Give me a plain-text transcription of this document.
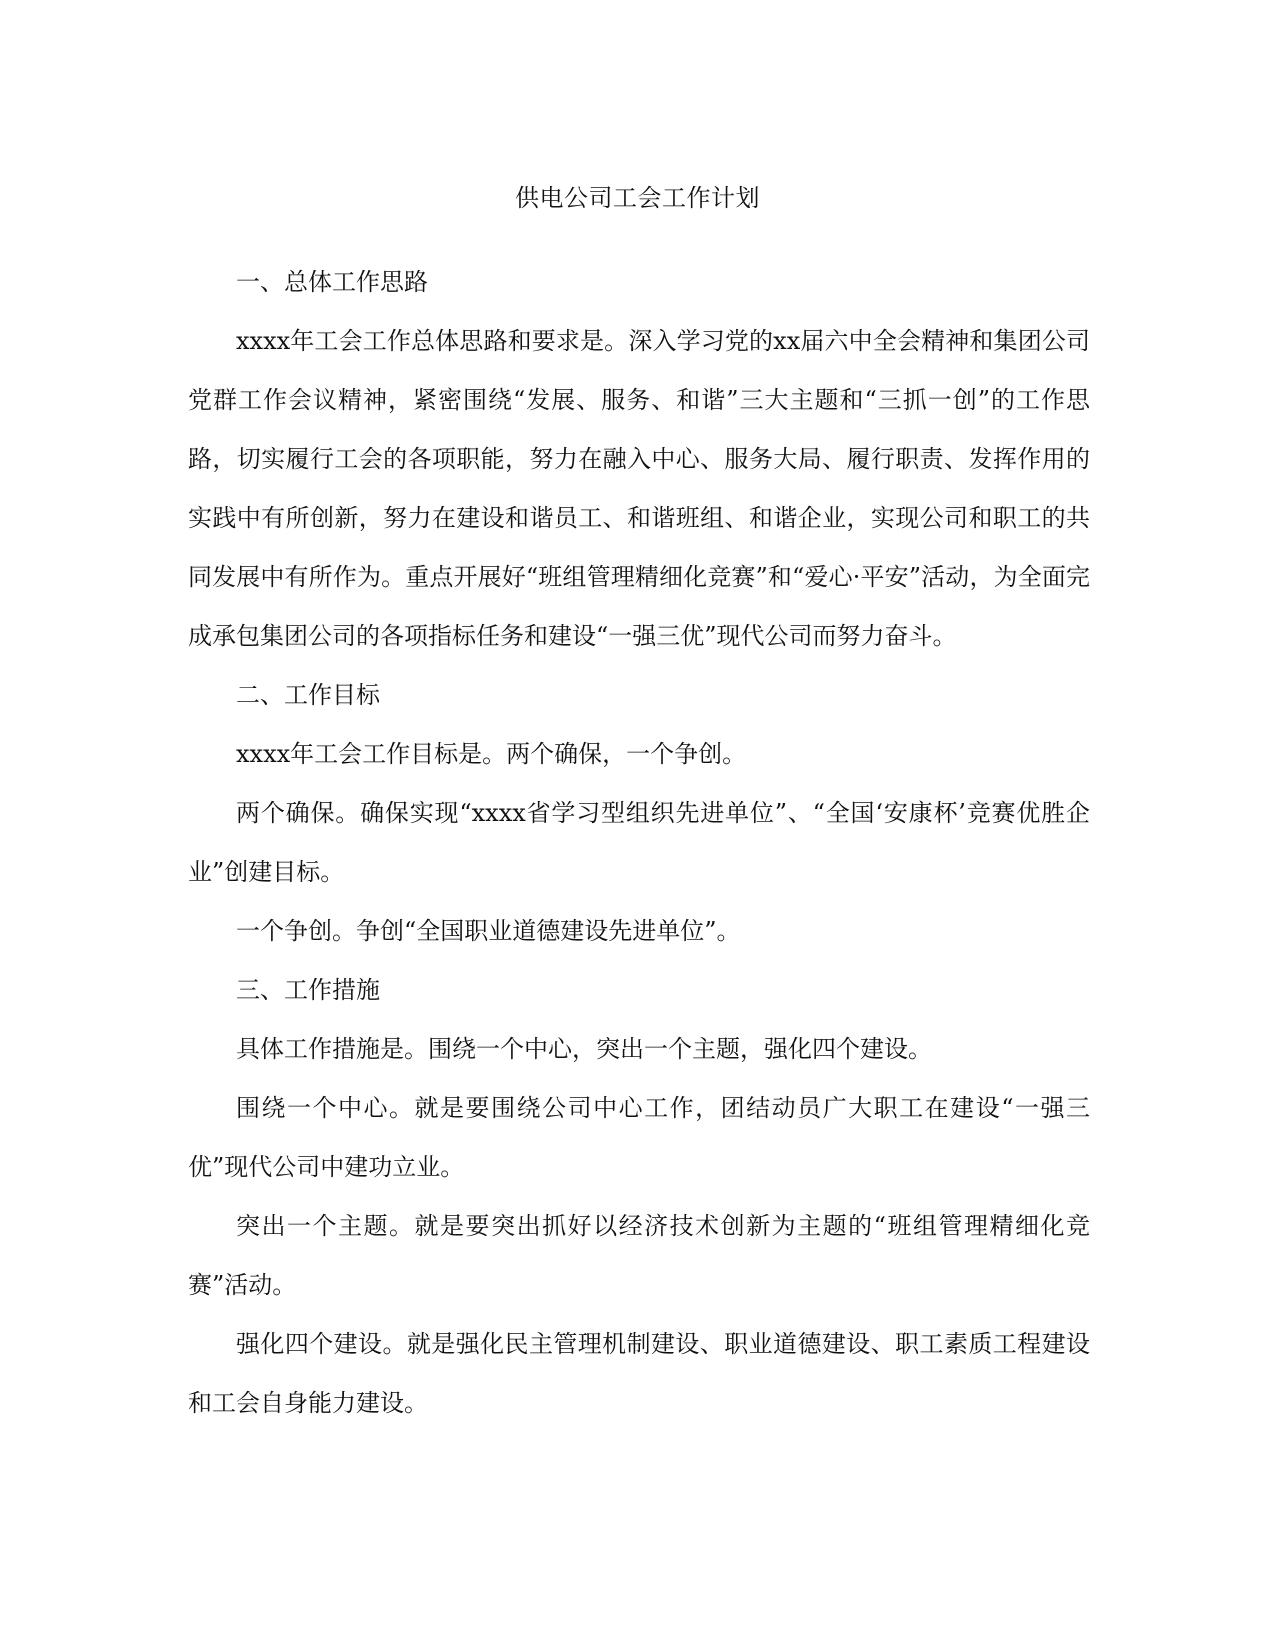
供电公司工会工作计划

一、总体工作思路

xxxx年工会工作总体思路和要求是。深入学习党的xx届六中全会精神和集团公司党群工作会议精神，紧密围绕“发展、服务、和谐”三大主题和“三抓一创”的工作思路，切实履行工会的各项职能，努力在融入中心、服务大局、履行职责、发挥作用的实践中有所创新，努力在建设和谐员工、和谐班组、和谐企业，实现公司和职工的共同发展中有所作为。重点开展好“班组管理精细化竞赛”和“爱心·平安”活动，为全面完成承包集团公司的各项指标任务和建设“一强三优”现代公司而努力奋斗。

二、工作目标

xxxx年工会工作目标是。两个确保，一个争创。

两个确保。确保实现“xxxx省学习型组织先进单位”、“全国‘安康杯’竞赛优胜企业”创建目标。

一个争创。争创“全国职业道德建设先进单位”。

三、工作措施

具体工作措施是。围绕一个中心，突出一个主题，强化四个建设。

围绕一个中心。就是要围绕公司中心工作，团结动员广大职工在建设“一强三优”现代公司中建功立业。

突出一个主题。就是要突出抓好以经济技术创新为主题的“班组管理精细化竞赛”活动。

强化四个建设。就是强化民主管理机制建设、职业道德建设、职工素质工程建设和工会自身能力建设。
